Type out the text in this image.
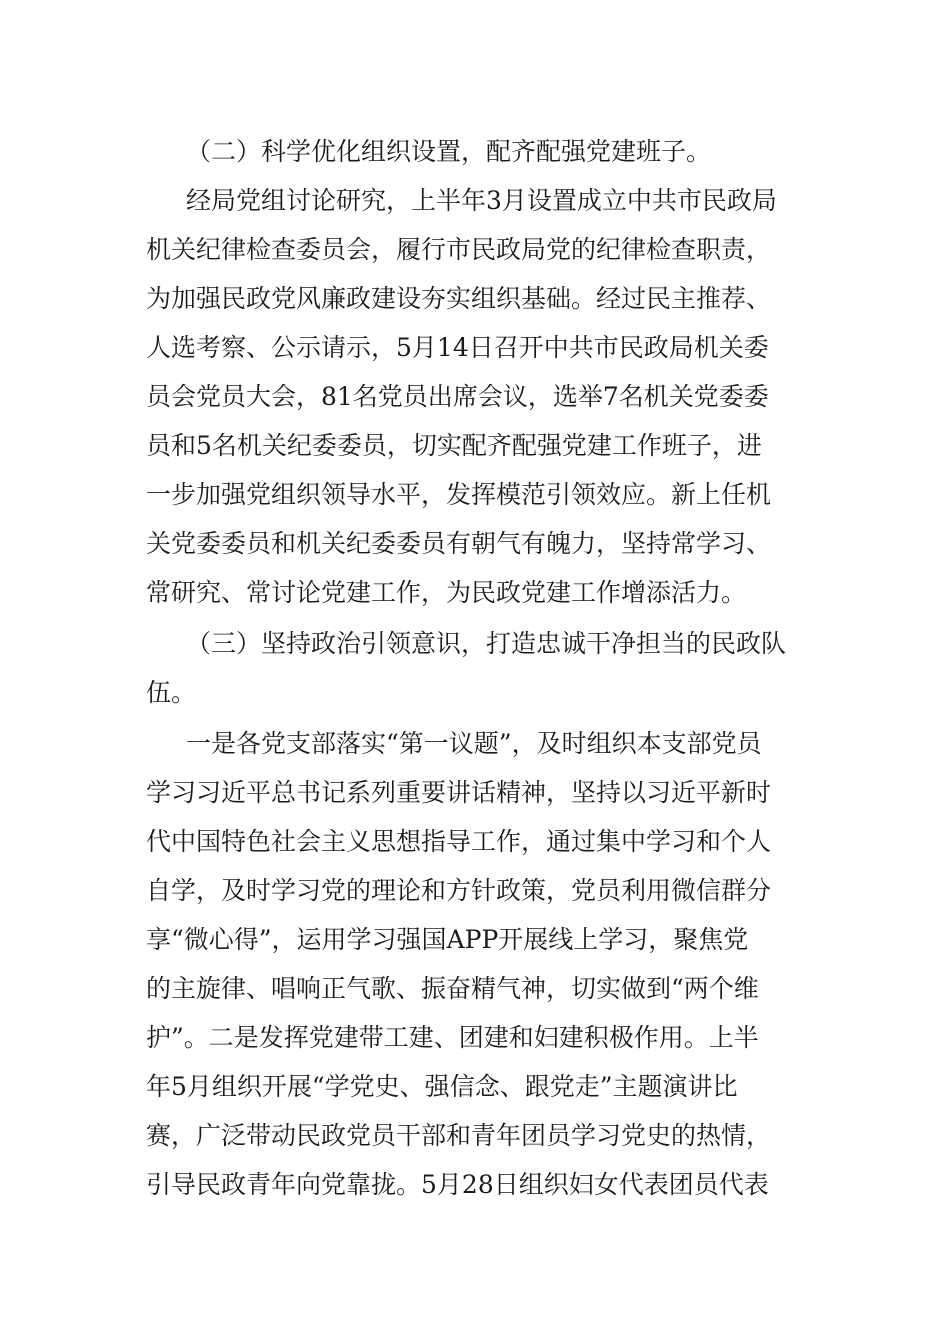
（二）科学优化组织设置，配齐配强党建班子。
经局党组讨论研究，上半年3月设置成立中共市民政局
机关纪律检查委员会，履行市民政局党的纪律检查职责，
为加强民政党风廉政建设夯实组织基础。经过民主推荐、
人选考察、公示请示，5月14日召开中共市民政局机关委
员会党员大会，81名党员出席会议，选举7名机关党委委
员和5名机关纪委委员，切实配齐配强党建工作班子，进
一步加强党组织领导水平，发挥模范引领效应。新上任机
关党委委员和机关纪委委员有朝气有魄力，坚持常学习、
常研究、常讨论党建工作，为民政党建工作增添活力。
（三）坚持政治引领意识，打造忠诚干净担当的民政队
伍。
一是各党支部落实“第一议题”，及时组织本支部党员
学习习近平总书记系列重要讲话精神，坚持以习近平新时
代中国特色社会主义思想指导工作，通过集中学习和个人
自学，及时学习党的理论和方针政策，党员利用微信群分
享“微心得”，运用学习强国APP开展线上学习，聚焦党
的主旋律、唱响正气歌、振奋精气神，切实做到“两个维
护”。二是发挥党建带工建、团建和妇建积极作用。上半
年5月组织开展“学党史、强信念、跟党走”主题演讲比
赛，广泛带动民政党员干部和青年团员学习党史的热情，
引导民政青年向党靠拢。5月28日组织妇女代表团员代表
